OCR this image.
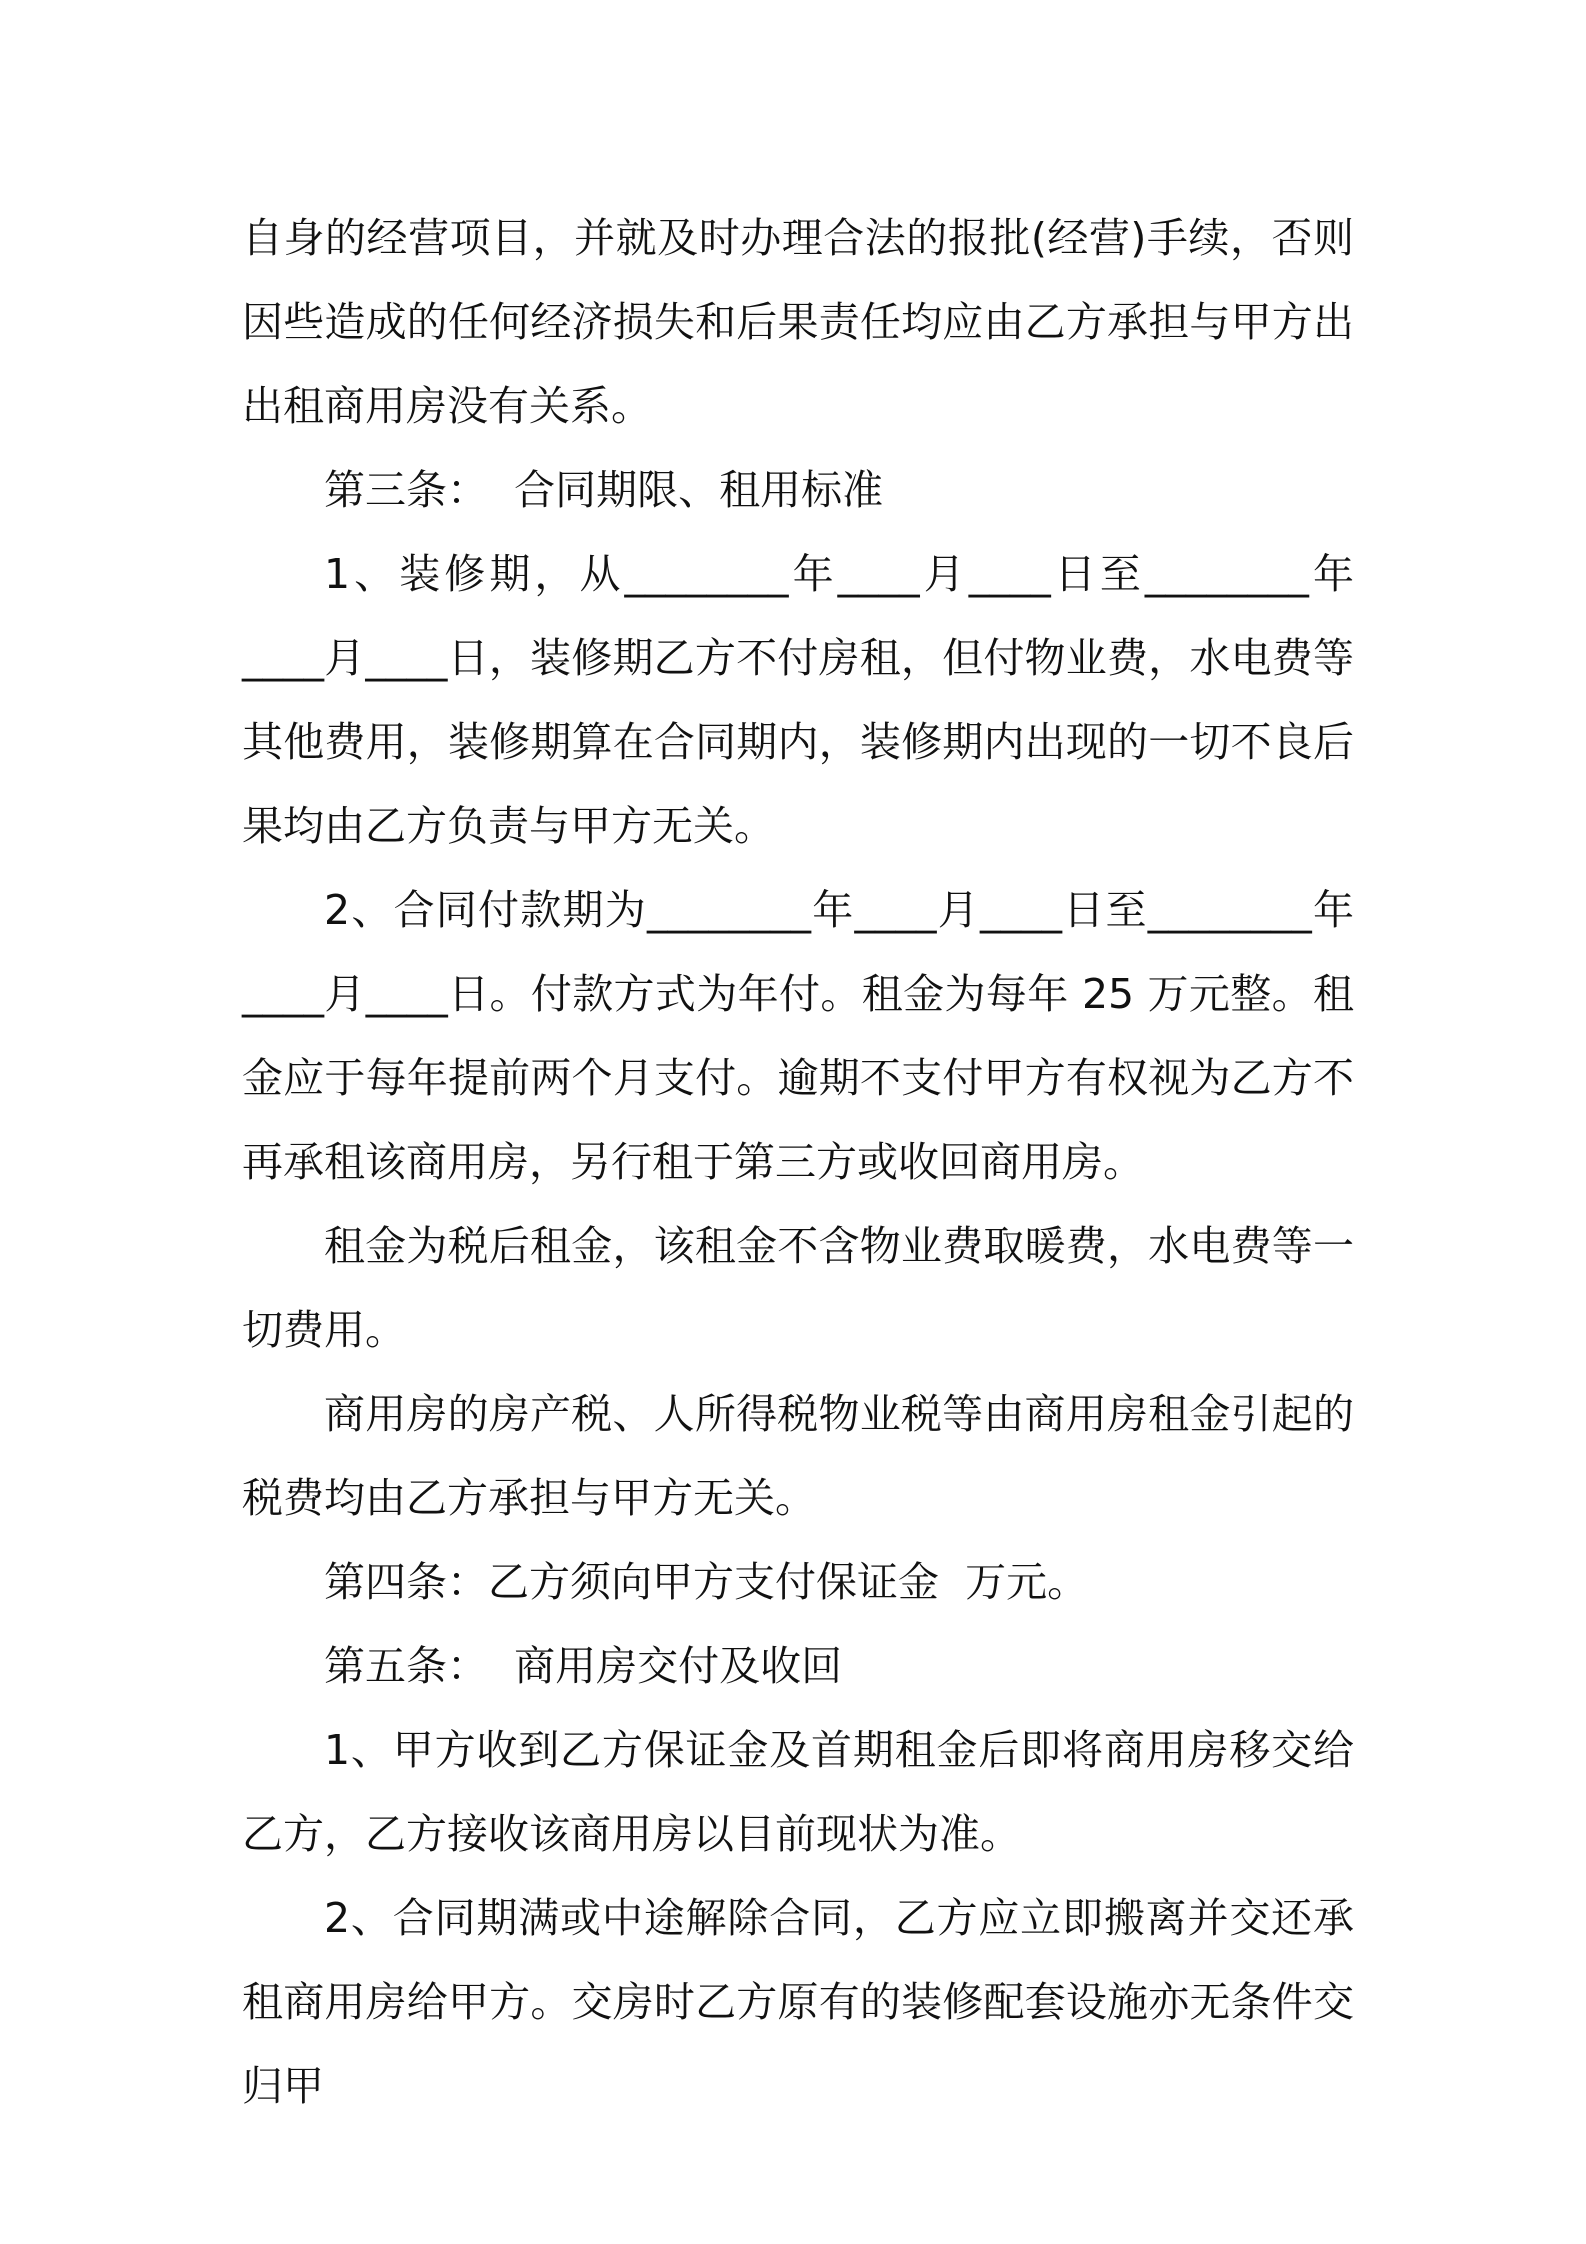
自身的经营项目，并就及时办理合法的报批(经营)手续，否则因些造成的任何经济损失和后果责任均应由乙方承担与甲方出出租商用房没有关系。

第三条：  合同期限、租用标准

1、装修期，从________年____月____日至________年____月____日，装修期乙方不付房租，但付物业费，水电费等其他费用，装修期算在合同期内，装修期内出现的一切不良后果均由乙方负责与甲方无关。

2、合同付款期为________年____月____日至________年____月____日。付款方式为年付。租金为每年 25 万元整。租金应于每年提前两个月支付。逾期不支付甲方有权视为乙方不再承租该商用房，另行租于第三方或收回商用房。

租金为税后租金，该租金不含物业费取暖费，水电费等一切费用。

商用房的房产税、人所得税物业税等由商用房租金引起的税费均由乙方承担与甲方无关。

第四条：乙方须向甲方支付保证金  万元。

第五条：  商用房交付及收回

1、甲方收到乙方保证金及首期租金后即将商用房移交给乙方，乙方接收该商用房以目前现状为准。

2、合同期满或中途解除合同，乙方应立即搬离并交还承租商用房给甲方。交房时乙方原有的装修配套设施亦无条件交归甲
